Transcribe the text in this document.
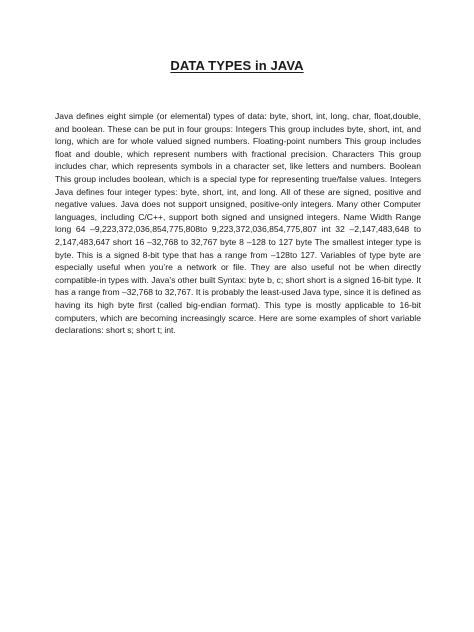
DATA TYPES in JAVA

Java defines eight simple (or elemental) types of data: byte, short, int, long, char, float,double, and boolean. These can be put in four groups: Integers This group includes byte, short, int, and long, which are for whole valued signed numbers. Floating-point numbers This group includes float and double, which represent numbers with fractional precision. Characters This group includes char, which represents symbols in a character set, like letters and numbers. Boolean This group includes boolean, which is a special type for representing true/false values. Integers Java defines four integer types: byte, short, int, and long. All of these are signed, positive and negative values. Java does not support unsigned, positive-only integers. Many other Computer languages, including C/C++, support both signed and unsigned integers. Name Width Range long 64 –9,223,372,036,854,775,808to 9,223,372,036,854,775,807 int 32 –2,147,483,648 to 2,147,483,647 short 16 –32,768 to 32,767 byte 8 –128 to 127 byte The smallest integer type is byte. This is a signed 8-bit type that has a range from –128to 127. Variables of type byte are especially useful when you’re a network or file. They are also useful not be when directly compatible-in types with. Java’s other built Syntax: byte b, c; short short is a signed 16-bit type. It has a range from –32,768 to 32,767. It is probably the least-used Java type, since it is defined as having its high byte first (called big-endian format). This type is mostly applicable to 16-bit computers, which are becoming increasingly scarce. Here are some examples of short variable declarations: short s; short t; int.
